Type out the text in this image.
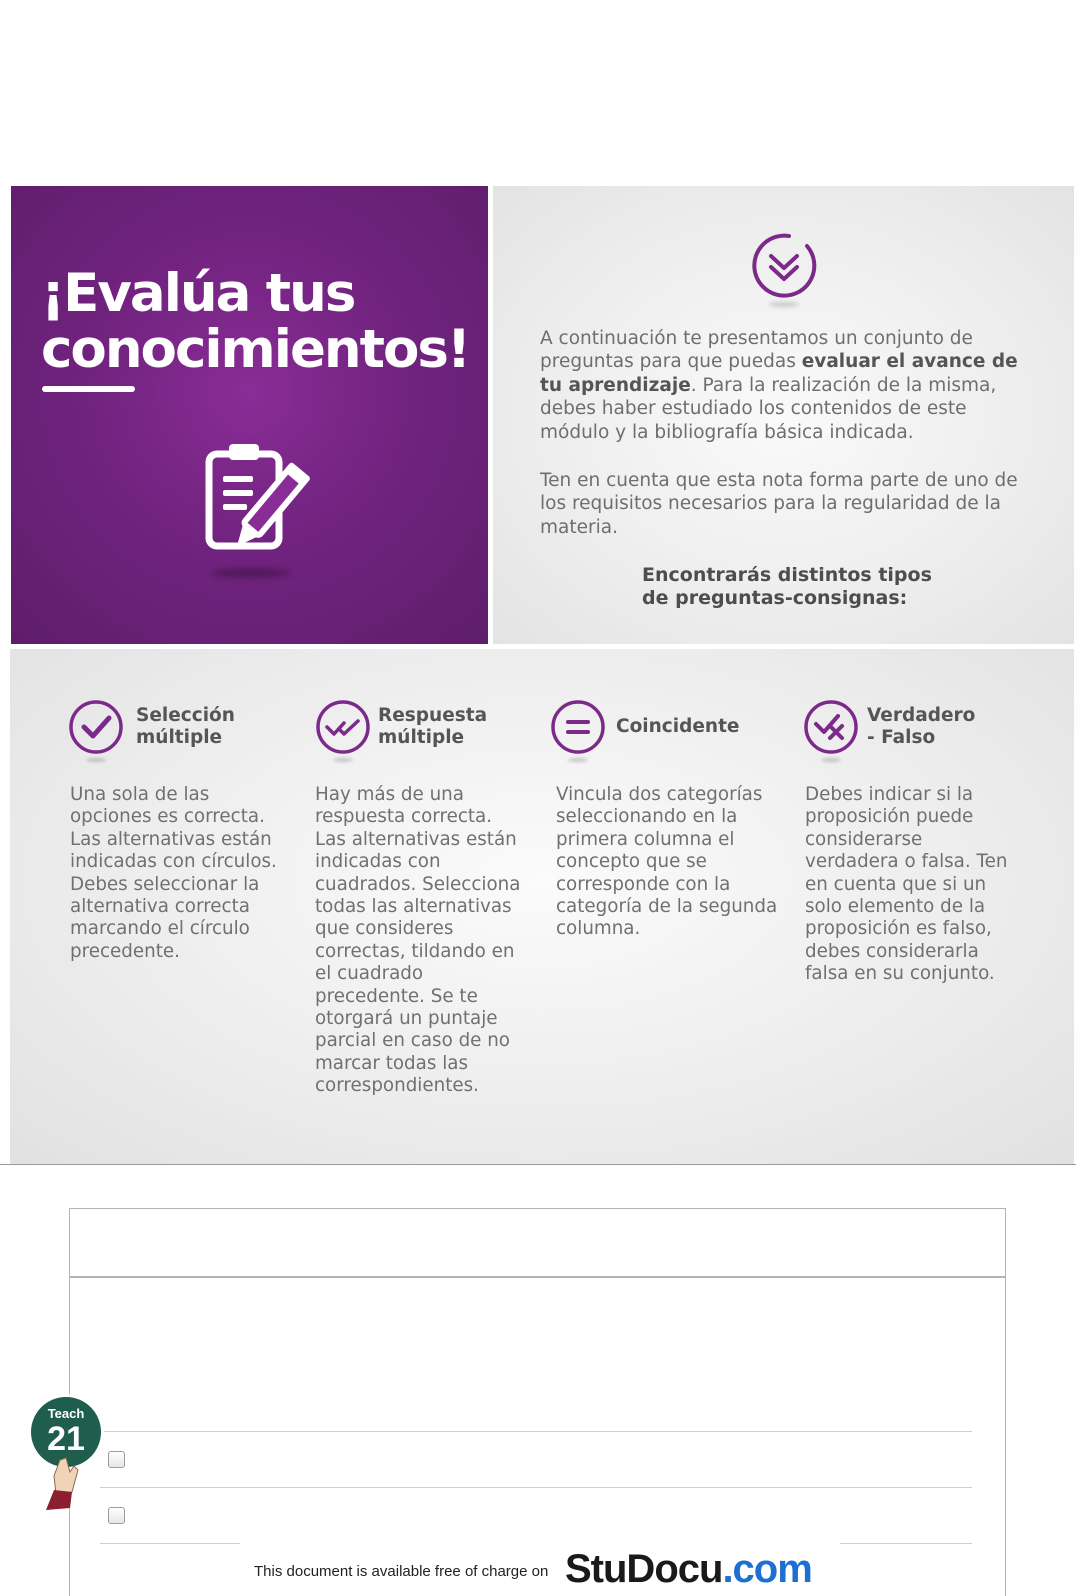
¡Evalúa tus
conocimientos!	A continuación te presentamos un conjunto de preguntas para que puedas evaluar el avance de tu aprendizaje. Para la realización de la misma, debes haber estudiado los contenidos de este módulo y la bibliografía básica indicada.

Ten en cuenta que esta nota forma parte de uno de los requisitos necesarios para la regularidad de la materia.

Encontrarás distintos tipos
de preguntas-consignas:
Selección
múltiple

Una sola de las opciones es correcta. Las alternativas están indicadas con círculos. Debes seleccionar la alternativa correcta marcando el círculo precedente.

Respuesta
múltiple

Hay más de una respuesta correcta. Las alternativas están indicadas con cuadrados. Selecciona todas las alternativas que consideres correctas, tildando en el cuadrado precedente. Se te otorgará un puntaje parcial en caso de no marcar todas las correspondientes.

Coincidente

Vincula dos categorías seleccionando en la primera columna el concepto que se corresponde con la categoría de la segunda columna.

Verdadero
- Falso

Debes indicar si la proposición puede considerarse verdadera o falsa. Ten en cuenta que si un solo elemento de la proposición es falso, debes considerarla falsa en su conjunto.

Teach
21
This document is available free of charge on StuDocu.com
